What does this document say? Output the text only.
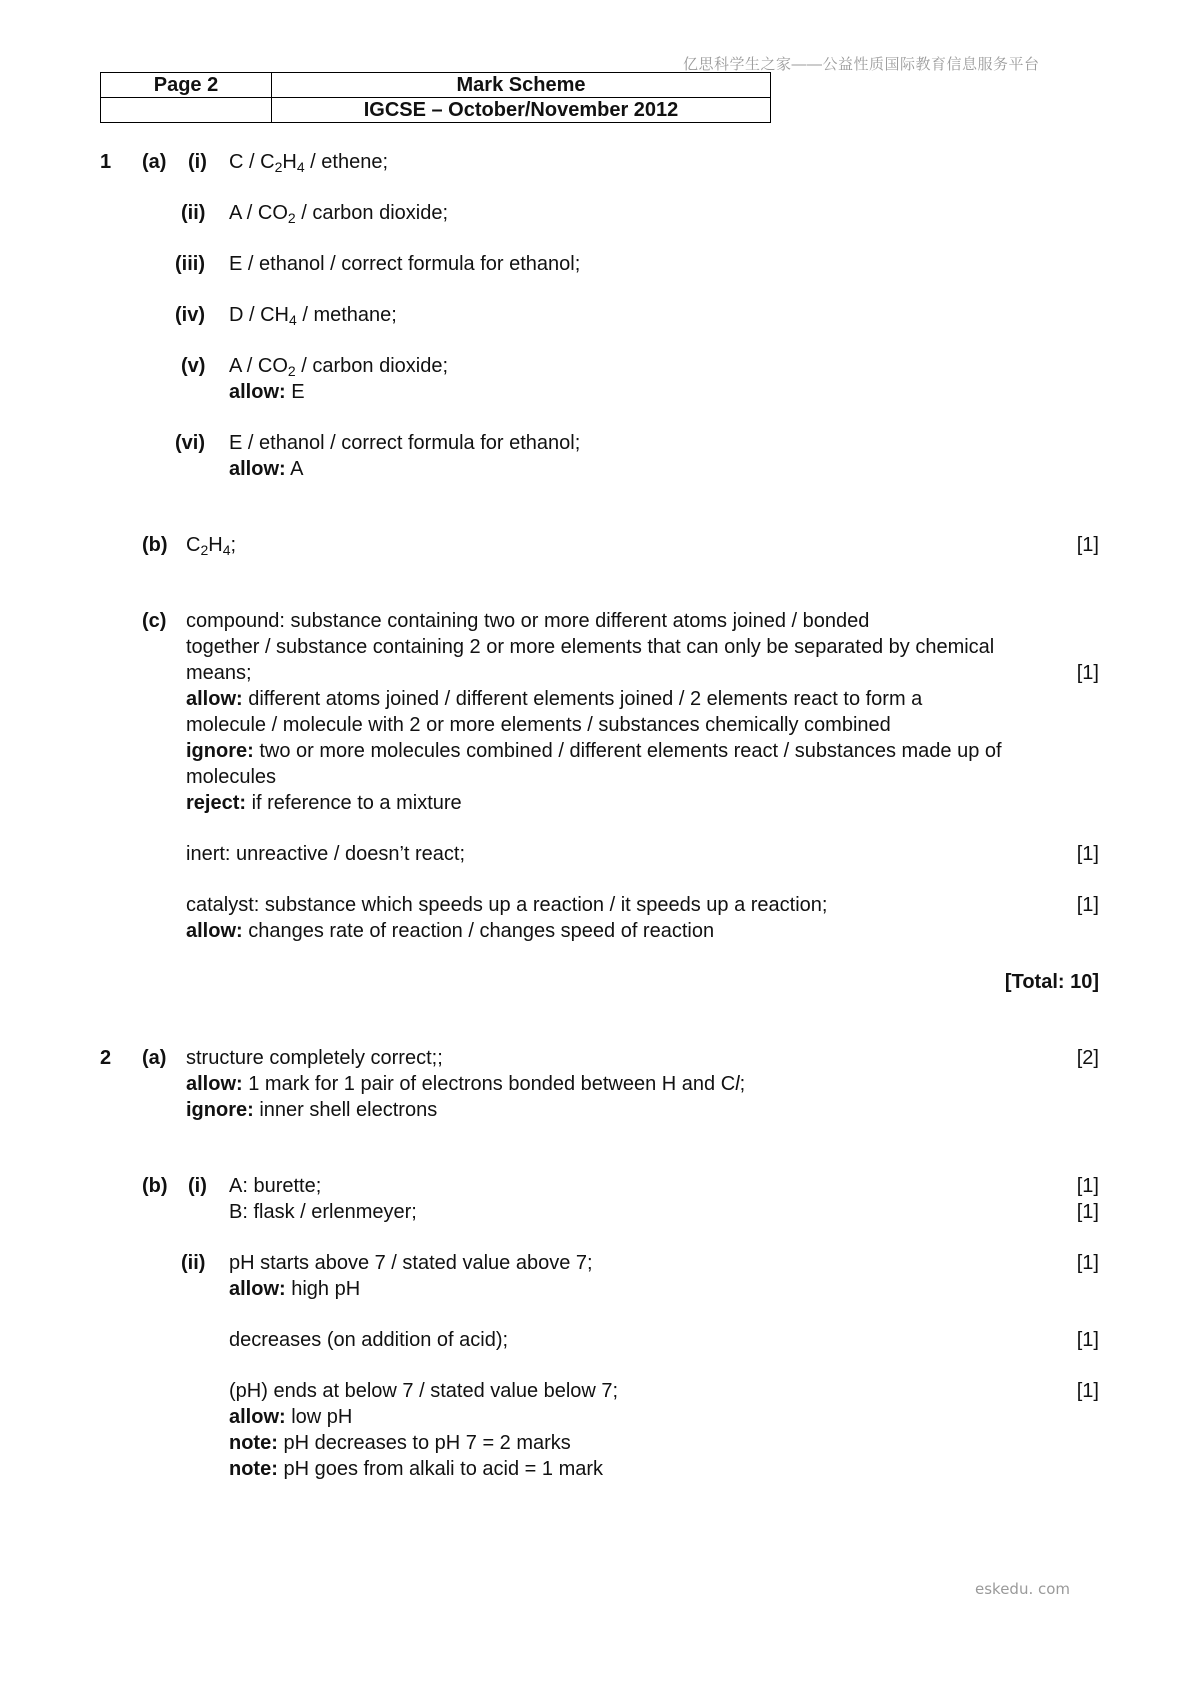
亿思科学生之家——公益性质国际教育信息服务平台
Page 2	Mark Scheme
	IGCSE – October/November 2012
1 (a) (i) C / $C_2H_4$ / ethene;
(ii) A / $CO_2$ / carbon dioxide;
(iii) E / ethanol / correct formula for ethanol;
(iv) D / $CH_4$ / methane;
(v) A / $CO_2$ / carbon dioxide;
allow: E
(vi) E / ethanol / correct formula for ethanol;
allow: A
(b) $C_2H_4$;	[1]
(c) compound: substance containing two or more different atoms joined / bonded
together / substance containing 2 or more elements that can only be separated by chemical
means;	[1]
allow: different atoms joined / different elements joined / 2 elements react to form a
molecule / molecule with 2 or more elements / substances chemically combined
ignore: two or more molecules combined / different elements react / substances made up of
molecules
reject: if reference to a mixture
inert: unreactive / doesn’t react;	[1]
catalyst: substance which speeds up a reaction / it speeds up a reaction;	[1]
allow: changes rate of reaction / changes speed of reaction
[Total: 10]
2 (a) structure completely correct;;	[2]
allow: 1 mark for 1 pair of electrons bonded between H and Cl;
ignore: inner shell electrons
(b) (i) A: burette;	[1]
B: flask / erlenmeyer;	[1]
(ii) pH starts above 7 / stated value above 7;	[1]
allow: high pH
decreases (on addition of acid);	[1]
(pH) ends at below 7 / stated value below 7;	[1]
allow: low pH
note: pH decreases to pH 7 = 2 marks
note: pH goes from alkali to acid = 1 mark
eskedu. com
